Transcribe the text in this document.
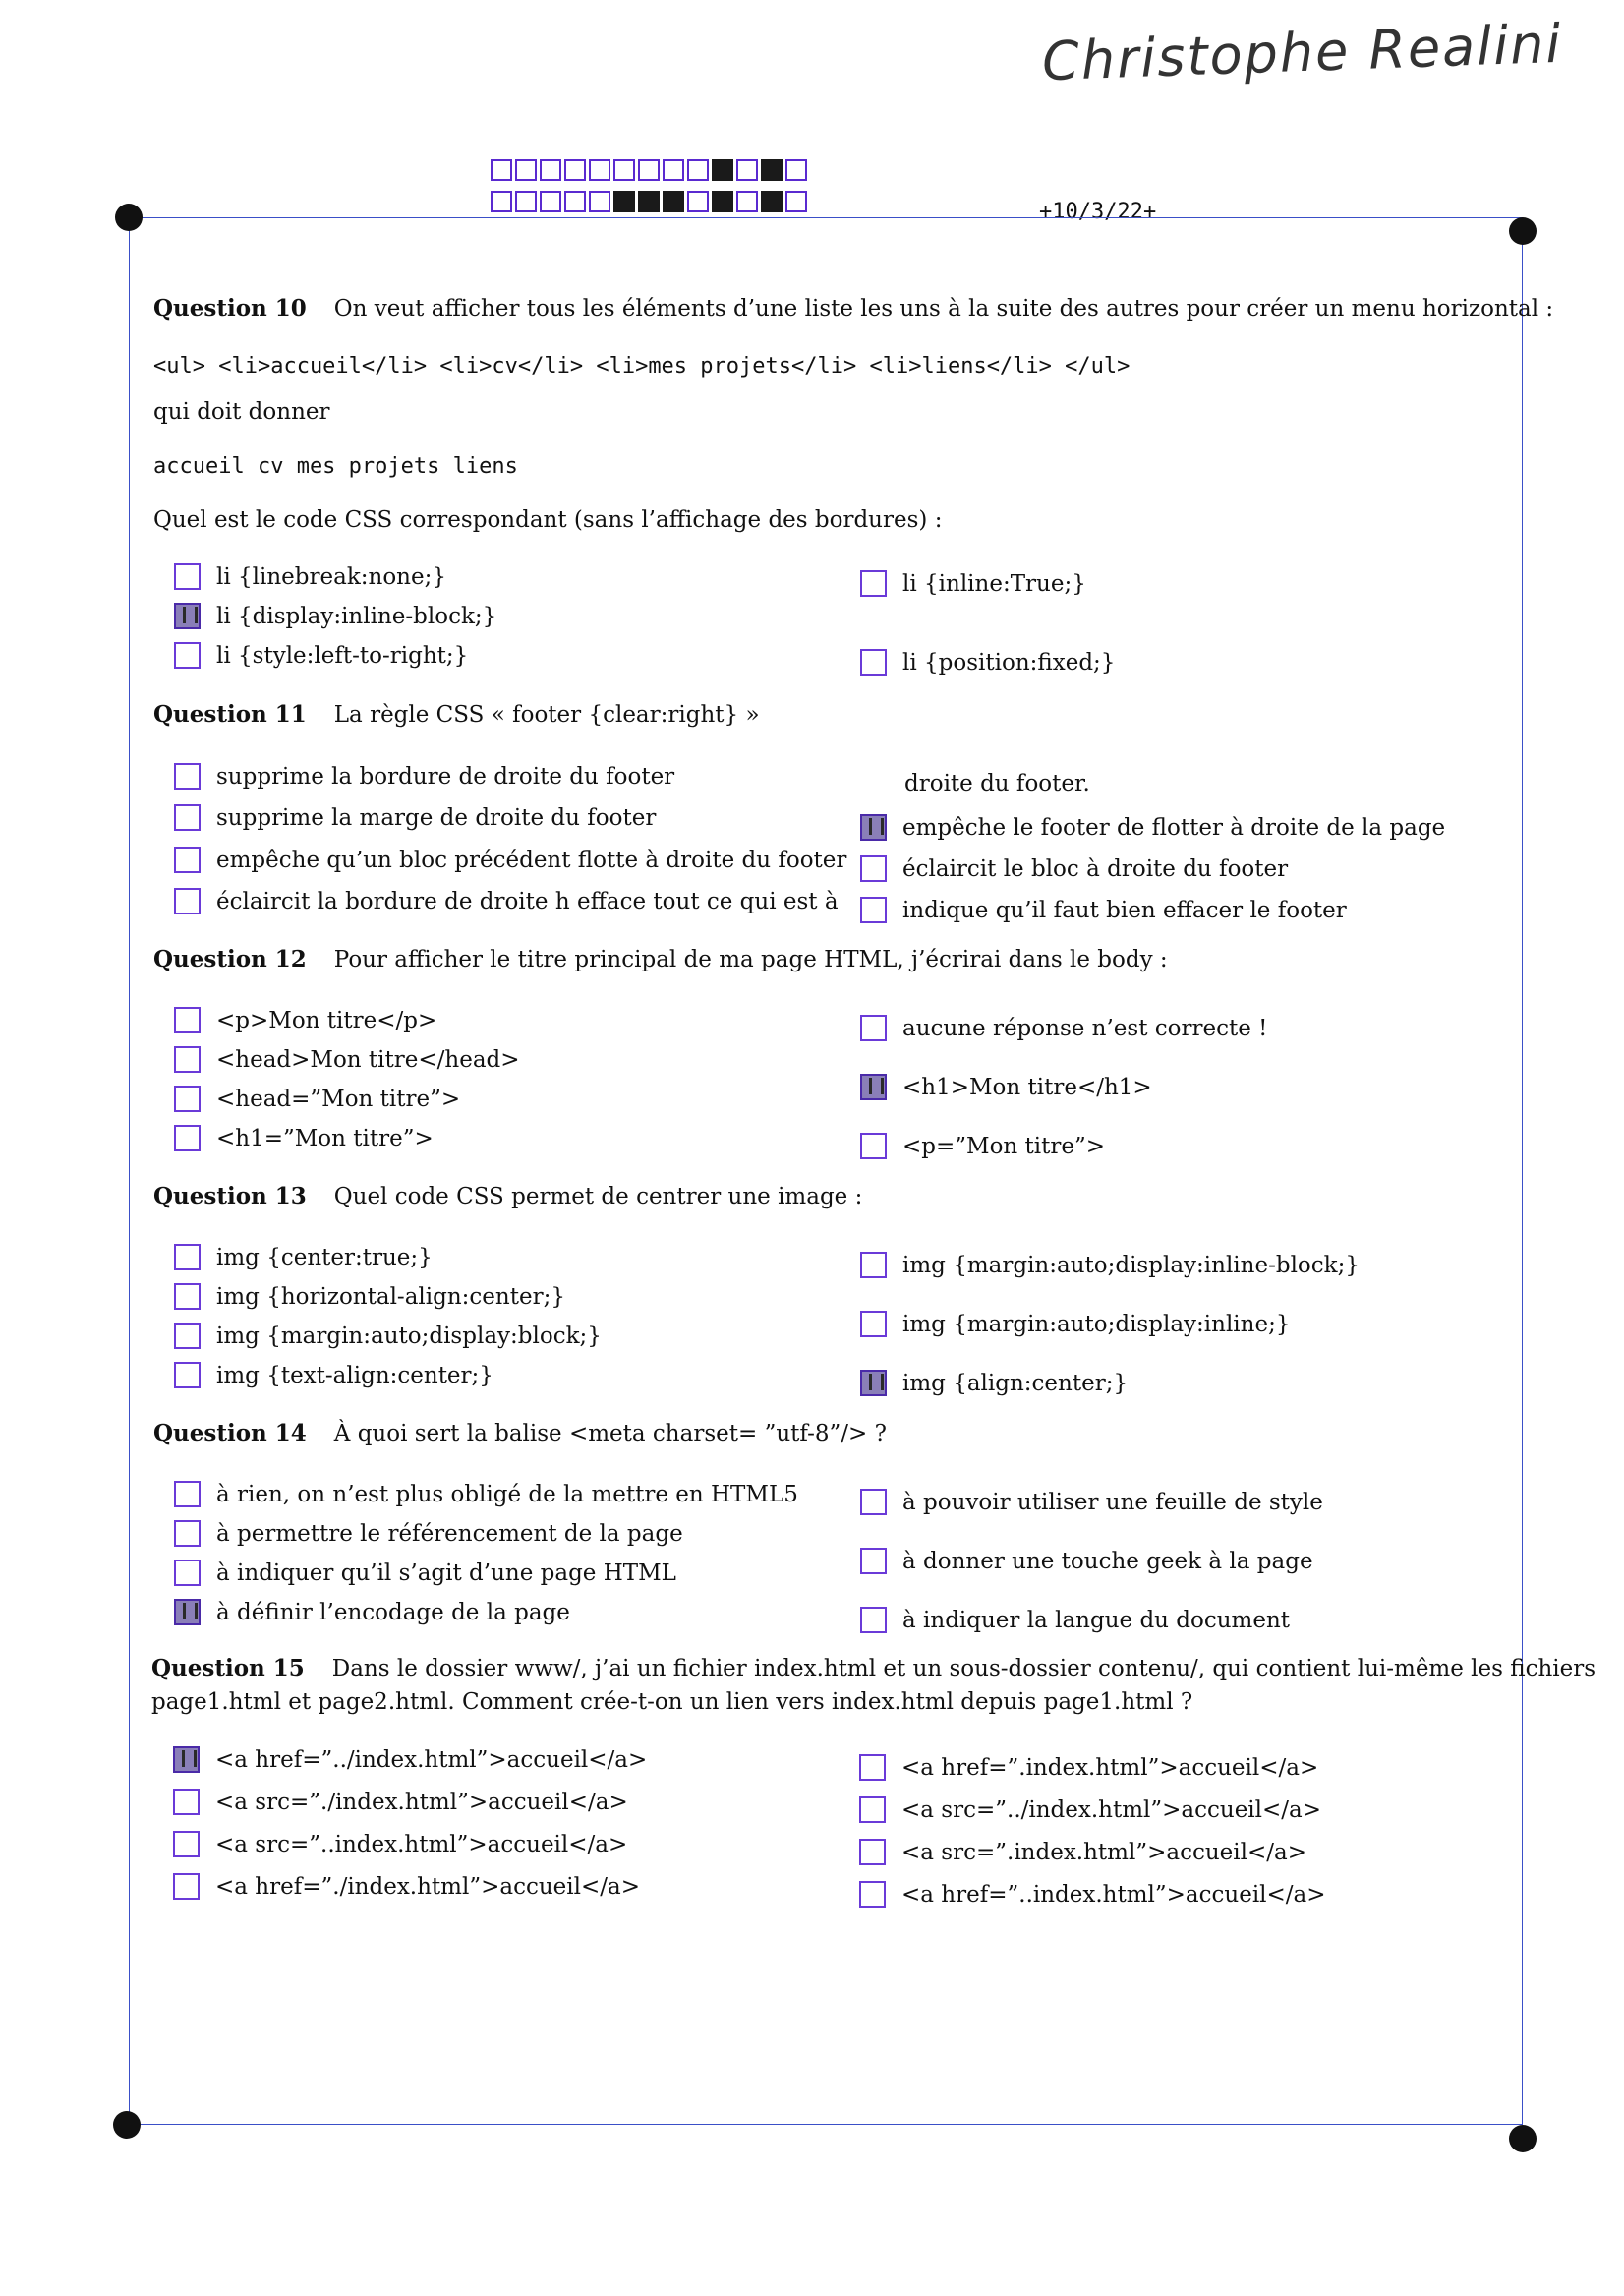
Christophe Realini
+10/3/22+
Question 10 On veut afficher tous les éléments d’une liste les uns à la suite des autres pour créer un menu horizontal :
<ul> <li>accueil</li> <li>cv</li> <li>mes projets</li> <li>liens</li> </ul>
qui doit donner
accueil cv mes projets liens
Quel est le code CSS correspondant (sans l’affichage des bordures) :
li {linebreak:none;}
li {display:inline-block;}
li {style:left-to-right;}
li {inline:True;}
li {position:fixed;}
Question 11 La règle CSS « footer {clear:right} »
supprime la bordure de droite du footer
supprime la marge de droite du footer
empêche qu’un bloc précédent flotte à droite du footer
éclaircit la bordure de droite h efface tout ce qui est à
droite du footer.
empêche le footer de flotter à droite de la page
éclaircit le bloc à droite du footer
indique qu’il faut bien effacer le footer
Question 12 Pour afficher le titre principal de ma page HTML, j’écrirai dans le body :
<p>Mon titre</p>
<head>Mon titre</head>
<head=”Mon titre”>
<h1=”Mon titre”>
aucune réponse n’est correcte !
<h1>Mon titre</h1>
<p=”Mon titre”>
Question 13 Quel code CSS permet de centrer une image :
img {center:true;}
img {horizontal-align:center;}
img {margin:auto;display:block;}
img {text-align:center;}
img {margin:auto;display:inline-block;}
img {margin:auto;display:inline;}
img {align:center;}
Question 14 À quoi sert la balise <meta charset= ”utf-8”/> ?
à rien, on n’est plus obligé de la mettre en HTML5
à permettre le référencement de la page
à indiquer qu’il s’agit d’une page HTML
à définir l’encodage de la page
à pouvoir utiliser une feuille de style
à donner une touche geek à la page
à indiquer la langue du document
Question 15 Dans le dossier www/, j’ai un fichier index.html et un sous-dossier contenu/, qui contient lui-même les fichiers
page1.html et page2.html. Comment crée-t-on un lien vers index.html depuis page1.html ?
<a href=”../index.html”>accueil</a>
<a src=”./index.html”>accueil</a>
<a src=”..index.html”>accueil</a>
<a href=”./index.html”>accueil</a>
<a href=”.index.html”>accueil</a>
<a src=”../index.html”>accueil</a>
<a src=”.index.html”>accueil</a>
<a href=”..index.html”>accueil</a>
